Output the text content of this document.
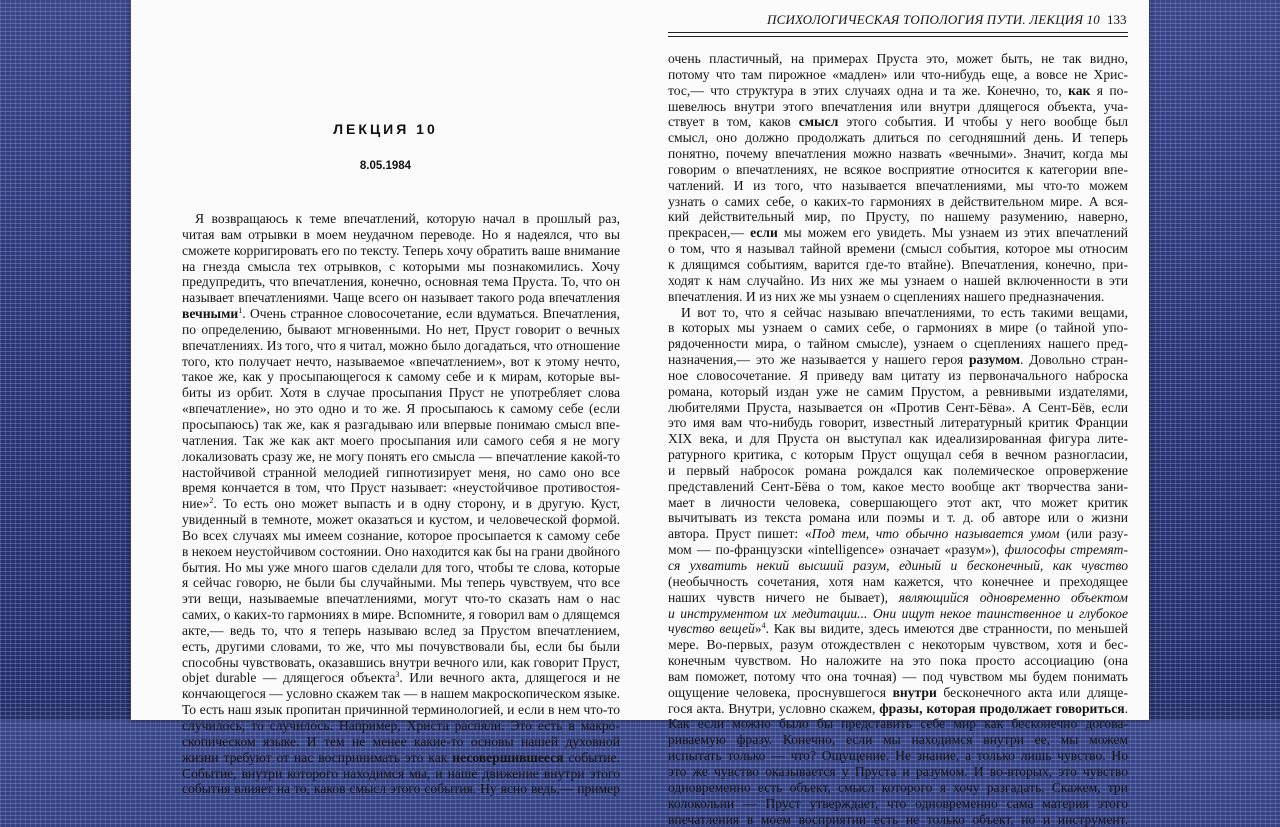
ЛЕКЦИЯ 10
8.05.1984
Я возвращаюсь к теме впечатлений, которую начал в прошлый раз,
читая вам отрывки в моем неудачном переводе. Но я надеялся, что вы
сможете корригировать его по тексту. Теперь хочу обратить ваше внимание
на гнезда смысла тех отрывков, с которыми мы познакомились. Хочу
предупредить, что впечатления, конечно, основная тема Пруста. То, что он
называет впечатлениями. Чаще всего он называет такого рода впечатления
вечными$^1$. Очень странное словосочетание, если вдуматься. Впечатления,
по определению, бывают мгновенными. Но нет, Пруст говорит о вечных
впечатлениях. Из того, что я читал, можно было догадаться, что отношение
того, кто получает нечто, называемое «впечатлением», вот к этому нечто,
такое же, как у просыпающегося к самому себе и к мирам, которые вы-
биты из орбит. Хотя в случае просыпания Пруст не употребляет слова
«впечатление», но это одно и то же. Я просыпаюсь к самому себе (если
просыпаюсь) так же, как я разгадываю или впервые понимаю смысл впе-
чатления. Так же как акт моего просыпания или самого себя я не могу
локализовать сразу же, не могу понять его смысла — впечатление какой-то
настойчивой странной мелодией гипнотизирует меня, но само оно все
время кончается в том, что Пруст называет: «неустойчивое противостоя-
ние»$^2$. То есть оно может выпасть и в одну сторону, и в другую. Куст,
увиденный в темноте, может оказаться и кустом, и человеческой формой.
Во всех случаях мы имеем сознание, которое просыпается к самому себе
в некоем неустойчивом состоянии. Оно находится как бы на грани двойного
бытия. Но мы уже много шагов сделали для того, чтобы те слова, которые
я сейчас говорю, не были бы случайными. Мы теперь чувствуем, что все
эти вещи, называемые впечатлениями, могут что-то сказать нам о нас
самих, о каких-то гармониях в мире. Вспомните, я говорил вам о длящемся
акте,— ведь то, что я теперь называю вслед за Прустом впечатлением,
есть, другими словами, то же, что мы почувствовали бы, если бы были
способны чувствовать, оказавшись внутри вечного или, как говорит Пруст,
objet durable — длящегося объекта$^3$. Или вечного акта, длящегося и не
кончающегося — условно скажем так — в нашем макроскопическом языке.
То есть наш язык пропитан причинной терминологией, и если в нем что-то
случилось, то случилось. Например, Христа распяли. Это есть в макро-
скопическом языке. И тем не менее какие-то основы нашей духовной
жизни требуют от нас воспринимать это как несовершившееся событие.
Событие, внутри которого находимся мы, и наше движение внутри этого
события влияет на то, каков смысл этого события. Ну ясно ведь,— пример
ПСИХОЛОГИЧЕСКАЯ ТОПОЛОГИЯ ПУТИ. ЛЕКЦИЯ 10 133
очень пластичный, на примерах Пруста это, может быть, не так видно,
потому что там пирожное «мадлен» или что-нибудь еще, а вовсе не Хрис-
тос,— что структура в этих случаях одна и та же. Конечно, то, как я по-
шевелюсь внутри этого впечатления или внутри длящегося объекта, уча-
ствует в том, каков смысл этого события. И чтобы у него вообще был
смысл, оно должно продолжать длиться по сегодняшний день. И теперь
понятно, почему впечатления можно назвать «вечными». Значит, когда мы
говорим о впечатлениях, не всякое восприятие относится к категории впе-
чатлений. И из того, что называется впечатлениями, мы что-то можем
узнать о самих себе, о каких-то гармониях в действительном мире. А вся-
кий действительный мир, по Прусту, по нашему разумению, наверно,
прекрасен,— если мы можем его увидеть. Мы узнаем из этих впечатлений
о том, что я называл тайной времени (смысл события, которое мы относим
к длящимся событиям, варится где-то втайне). Впечатления, конечно, при-
ходят к нам случайно. Из них же мы узнаем о нашей включенности в эти
впечатления. И из них же мы узнаем о сцеплениях нашего предназначения.
И вот то, что я сейчас называю впечатлениями, то есть такими вещами,
в которых мы узнаем о самих себе, о гармониях в мире (о тайной упо-
рядоченности мира, о тайном смысле), узнаем о сцеплениях нашего пред-
назначения,— это же называется у нашего героя разумом. Довольно стран-
ное словосочетание. Я приведу вам цитату из первоначального наброска
романа, который издан уже не самим Прустом, а ревнивыми издателями,
любителями Пруста, называется он «Против Сент-Бёва». А Сент-Бёв, если
это имя вам что-нибудь говорит, известный литературный критик Франции
XIX века, и для Пруста он выступал как идеализированная фигура лите-
ратурного критика, с которым Пруст ощущал себя в вечном разногласии,
и первый набросок романа рождался как полемическое опровержение
представлений Сент-Бёва о том, какое место вообще акт творчества зани-
мает в личности человека, совершающего этот акт, что может критик
вычитывать из текста романа или поэмы и т. д. об авторе или о жизни
автора. Пруст пишет: «Под тем, что обычно называется умом (или разу-
мом — по-французски «intelligence» означает «разум»), философы стремят-
ся ухватить некий высший разум, единый и бесконечный, как чувство
(необычность сочетания, хотя нам кажется, что конечнее и преходящее
наших чувств ничего не бывает), являющийся одновременно объектом
и инструментом их медитации... Они ищут некое таинственное и глубокое
чувство вещей»$^4$. Как вы видите, здесь имеются две странности, по меньшей
мере. Во-первых, разум отождествлен с некоторым чувством, хотя и бес-
конечным чувством. Но наложите на это пока просто ассоциацию (она
вам поможет, потому что она точная) — под чувством мы будем понимать
ощущение человека, проснувшегося внутри бесконечного акта или длящe-
гося акта. Внутри, условно скажем, фразы, которая продолжает говориться.
Как если можно было бы представить себе мир как бесконечно догова-
риваемую фразу. Конечно, если мы находимся внутри ее, мы можем
испытать только — что? Ощущение. Не знание, а только лишь чувство. Но
это же чувство оказывается у Пруста и разумом. И во-вторых, это чувство
одновременно есть объект, смысл которого я хочу разгадать. Скажем, три
колокольни — Пруст утверждает, что одновременно сама материя этого
впечатления в моем восприятии есть не только объект, но и инструмент.
